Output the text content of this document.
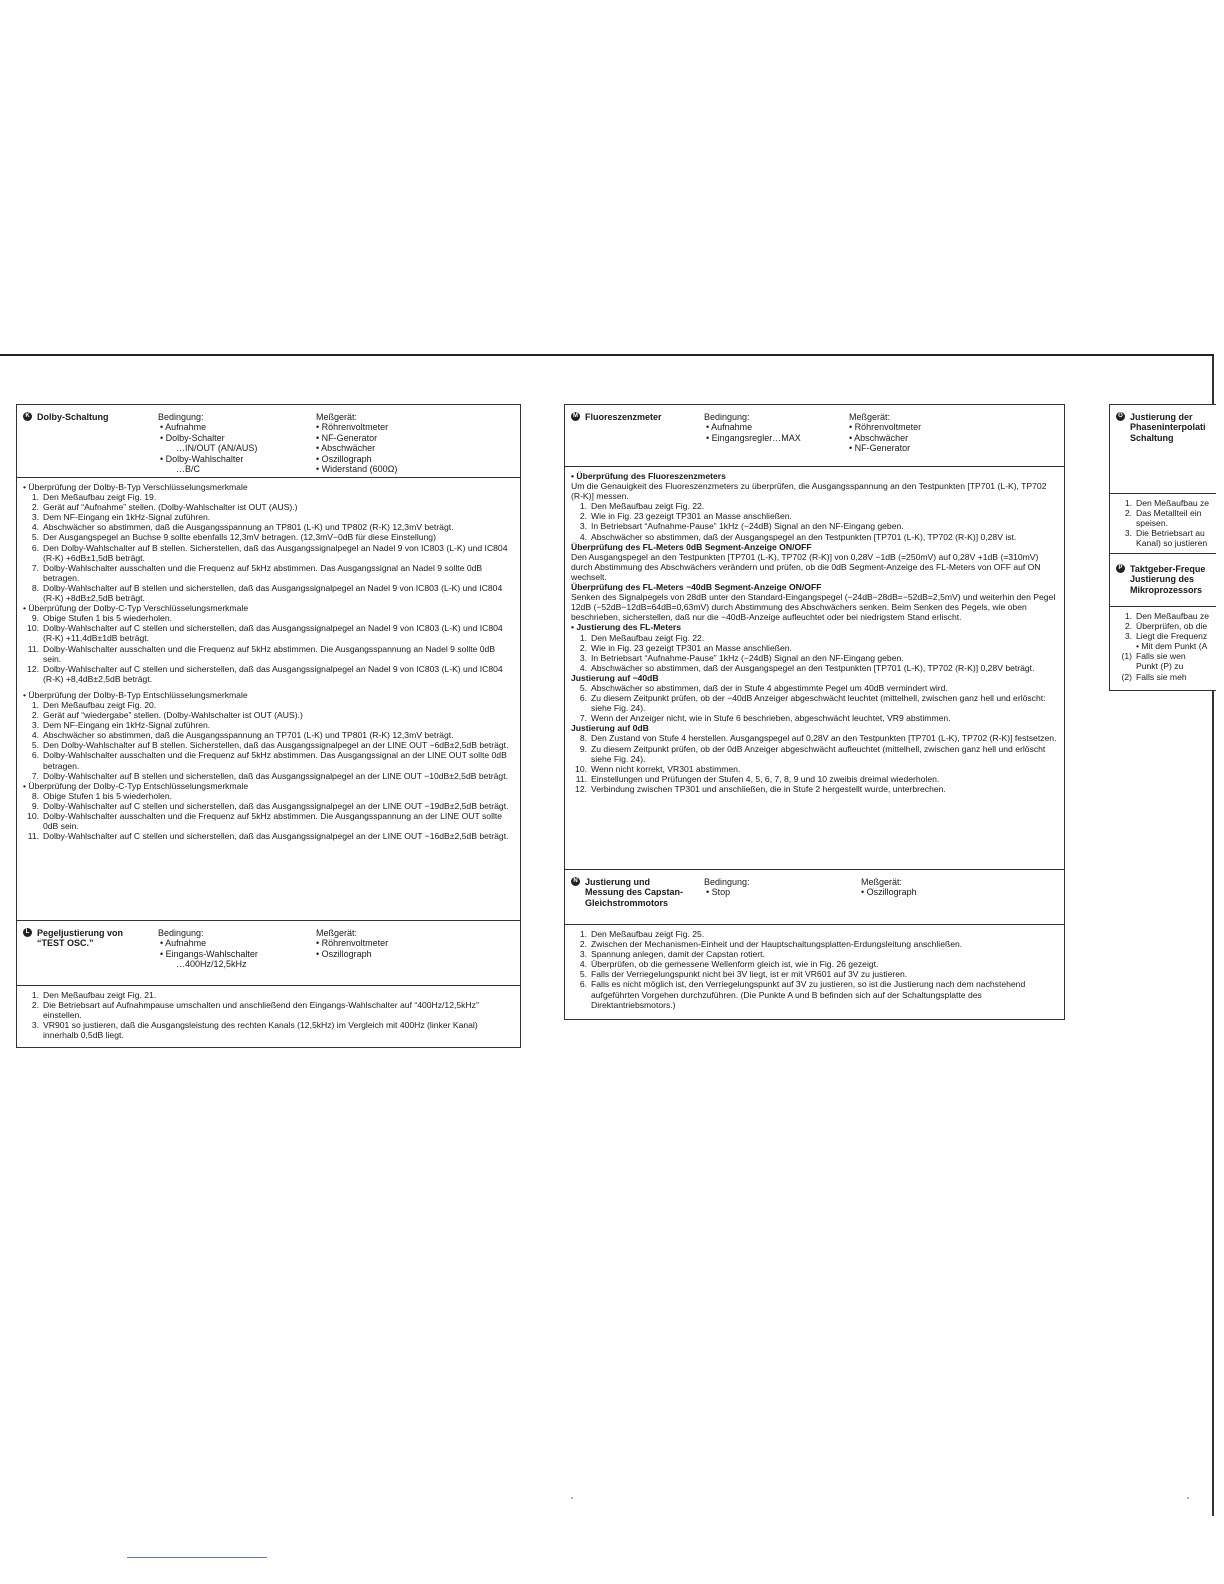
K Dolby-Schaltung	Bedingung:
• Aufnahme
• Dolby-Schalter
…IN/OUT (AN/AUS)
• Dolby-Wahlschalter
…B/C
Meßgerät:
• Röhrenvoltmeter
• NF-Generator
• Abschwächer
• Oszillograph
• Widerstand (600Ω)

• Überprüfung der Dolby-B-Typ Verschlüsselungsmerkmale

1. Den Meßaufbau zeigt Fig. 19.
2. Gerät auf “Aufnahme” stellen. (Dolby-Wahlschalter ist OUT (AUS).)
3. Dem NF-Eingang ein 1kHz-Signal zuführen.
4. Abschwächer so abstimmen, daß die Ausgangsspannung an TP801 (L-K) und TP802 (R-K) 12,3mV beträgt.
5. Der Ausgangspegel an Buchse 9 sollte ebenfalls 12,3mV betragen. (12,3mV−0dB für diese Einstellung)
6. Den Dolby-Wahlschalter auf B stellen. Sicherstellen, daß das Ausgangssignalpegel an Nadel 9 von IC803 (L-K) und IC804 (R-K) +6dB±1,5dB beträgt.
7. Dolby-Wahlschalter ausschalten und die Frequenz auf 5kHz abstimmen. Das Ausgangssignal an Nadel 9 sollte 0dB betragen.
8. Dolby-Wahlschalter auf B stellen und sicherstellen, daß das Ausgangssignalpegel an Nadel 9 von IC803 (L-K) und IC804 (R-K) +8dB±2,5dB beträgt.

• Überprüfung der Dolby-C-Typ Verschlüsselungsmerkmale

9. Obige Stufen 1 bis 5 wiederholen.
10. Dolby-Wahlschalter auf C stellen und sicherstellen, daß das Ausgangssignalpegel an Nadel 9 von IC803 (L-K) und IC804 (R-K) +11,4dB±1dB beträgt.
11. Dolby-Wahlschalter ausschalten und die Frequenz auf 5kHz abstimmen. Die Ausgangsspannung an Nadel 9 sollte 0dB sein.
12. Dolby-Wahlschalter auf C stellen und sicherstellen, daß das Ausgangssignalpegel an Nadel 9 von IC803 (L-K) und IC804 (R-K) +8,4dB±2,5dB beträgt.

• Überprüfung der Dolby-B-Typ Entschlüsselungsmerkmale

1. Den Meßaufbau zeigt Fig. 20.
2. Gerät auf “wiedergabe” stellen. (Dolby-Wahlschalter ist OUT (AUS).)
3. Dem NF-Eingang ein 1kHz-Signal zuführen.
4. Abschwächer so abstimmen, daß die Ausgangsspannung an TP701 (L-K) und TP801 (R-K) 12,3mV beträgt.
5. Den Dolby-Wahlschalter auf B stellen. Sicherstellen, daß das Ausgangssignalpegel an der LINE OUT −6dB±2,5dB beträgt.
6. Dolby-Wahlschalter ausschalten und die Frequenz auf 5kHz abstimmen. Das Ausgangssignal an der LINE OUT sollte 0dB betragen.
7. Dolby-Wahlschalter auf B stellen und sicherstellen, daß das Ausgangssignalpegel an der LINE OUT −10dB±2,5dB beträgt.

• Überprüfung der Dolby-C-Typ Entschlüsselungsmerkmale

8. Obige Stufen 1 bis 5 wiederholen.
9. Dolby-Wahlschalter auf C stellen und sicherstellen, daß das Ausgangssignalpegel an der LINE OUT −19dB±2,5dB beträgt.
10. Dolby-Wahlschalter ausschalten und die Frequenz auf 5kHz abstimmen. Die Ausgangsspannung an der LINE OUT sollte 0dB sein.
11. Dolby-Wahlschalter auf C stellen und sicherstellen, daß das Ausgangssignalpegel an der LINE OUT −16dB±2,5dB beträgt.
L Pegeljustierung von
“TEST OSC.”
Bedingung:
• Aufnahme
• Eingangs-Wahlschalter
…400Hz/12,5kHz
Meßgerät:
• Röhrenvoltmeter
• Oszillograph
1. Den Meßaufbau zeigt Fig. 21.
2. Die Betriebsart auf Aufnahmpause umschalten und anschließend den Eingangs-Wahlschalter auf “400Hz/12,5kHz” einstellen.
3. VR901 so justieren, daß die Ausgangsleistung des rechten Kanals (12,5kHz) im Vergleich mit 400Hz (linker Kanal) innerhalb 0,5dB liegt.
M Fluoreszenzmeter	Bedingung:
• Aufnahme
• Eingangsregler…MAX
Meßgerät:
• Röhrenvoltmeter
• Abschwächer
• NF-Generator

• Überprüfung des Fluoreszenzmeters

Um die Genauigkeit des Fluoreszenzmeters zu überprüfen, die Ausgangsspannung an den Testpunkten [TP701 (L-K), TP702 (R-K)] messen.

1. Den Meßaufbau zeigt Fig. 22.
2. Wie in Fig. 23 gezeigt TP301 an Masse anschließen.
3. In Betriebsart “Aufnahme-Pause” 1kHz (−24dB) Signal an den NF-Eingang geben.
4. Abschwächer so abstimmen, daß der Ausgangspegel an den Testpunkten [TP701 (L-K), TP702 (R-K)] 0,28V ist.

Überprüfung des FL-Meters 0dB Segment-Anzeige ON/OFF

Den Ausgangspegel an den Testpunkten [TP701 (L-K), TP702 (R-K)] von 0,28V −1dB (=250mV) auf 0,28V +1dB (=310mV) durch Abstimmung des Abschwächers verändern und prüfen, ob die 0dB Segment-Anzeige des FL-Meters von OFF auf ON wechselt.

Überprüfung des FL-Meters −40dB Segment-Anzeige ON/OFF

Senken des Signalpegels von 28dB unter den Standard-Eingangspegel (−24dB−28dB=−52dB=2,5mV) und weiterhin den Pegel 12dB (−52dB−12dB=64dB=0,63mV) durch Abstimmung des Abschwächers senken. Beim Senken des Pegels, wie oben beschrieben, sicherstellen, daß nur die −40dB-Anzeige aufleuchtet oder bei niedrigstem Stand erlischt.

• Justierung des FL-Meters

1. Den Meßaufbau zeigt Fig. 22.
2. Wie in Fig. 23 gezeigt TP301 an Masse anschließen.
3. In Betriebsart “Aufnahme-Pause” 1kHz (−24dB) Signal an den NF-Eingang geben.
4. Abschwächer so abstimmen, daß der Ausgangspegel an den Testpunkten [TP701 (L-K), TP702 (R-K)] 0,28V beträgt.

Justierung auf −40dB

5. Abschwächer so abstimmen, daß der in Stufe 4 abgestimmte Pegel um 40dB vermindert wird.
6. Zu diesem Zeitpunkt prüfen, ob der −40dB Anzeiger abgeschwächt leuchtet (mittelhell, zwischen ganz hell und erlöscht: siehe Fig. 24).
7. Wenn der Anzeiger nicht, wie in Stufe 6 beschrieben, abgeschwächt leuchtet, VR9 abstimmen.

Justierung auf 0dB

8. Den Zustand von Stufe 4 herstellen. Ausgangspegel auf 0,28V an den Testpunkten [TP701 (L-K), TP702 (R-K)] festsetzen.
9. Zu diesem Zeitpunkt prüfen, ob der 0dB Anzeiger abgeschwächt aufleuchtet (mittelhell, zwischen ganz hell und erlöscht siehe Fig. 24).
10. Wenn nicht korrekt, VR301 abstimmen.
11. Einstellungen und Prüfungen der Stufen 4, 5, 6, 7, 8, 9 und 10 zweibis dreimal wiederholen.
12. Verbindung zwischen TP301 und anschließen, die in Stufe 2 hergestellt wurde, unterbrechen.
N Justierung und
Messung des Capstan-
Gleichstrommotors
Bedingung:
• Stop
Meßgerät:
• Oszillograph
1. Den Meßaufbau zeigt Fig. 25.
2. Zwischen der Mechanismen-Einheit und der Hauptschaltungsplatten-Erdungsleitung anschließen.
3. Spannung anlegen, damit der Capstan rotiert.
4. Überprüfen, ob die gemessene Wellenform gleich ist, wie in Fig. 26 gezeigt.
5. Falls der Verriegelungspunkt nicht bei 3V liegt, ist er mit VR601 auf 3V zu justieren.
6. Falls es nicht möglich ist, den Verriegelungspunkt auf 3V zu justieren, so ist die Justierung nach dem nachstehend aufgeführten Vorgehen durchzuführen. (Die Punkte A und B befinden sich auf der Schaltungsplatte des Direktantriebsmotors.)
O Justierung der
Phaseninterpolati
Schaltung
1. Den Meßaufbau ze
2. Das Metallteil ein
speisen.
3. Die Betriebsart au
Kanal) so justieren
P Taktgeber-Freque
Justierung des
Mikroprozessors
1. Den Meßaufbau ze
2. Überprüfen, ob die
3. Liegt die Frequenz
• Mit dem Punkt (A
(1) Falls sie wen
Punkt (P) zu
(2) Falls sie meh
